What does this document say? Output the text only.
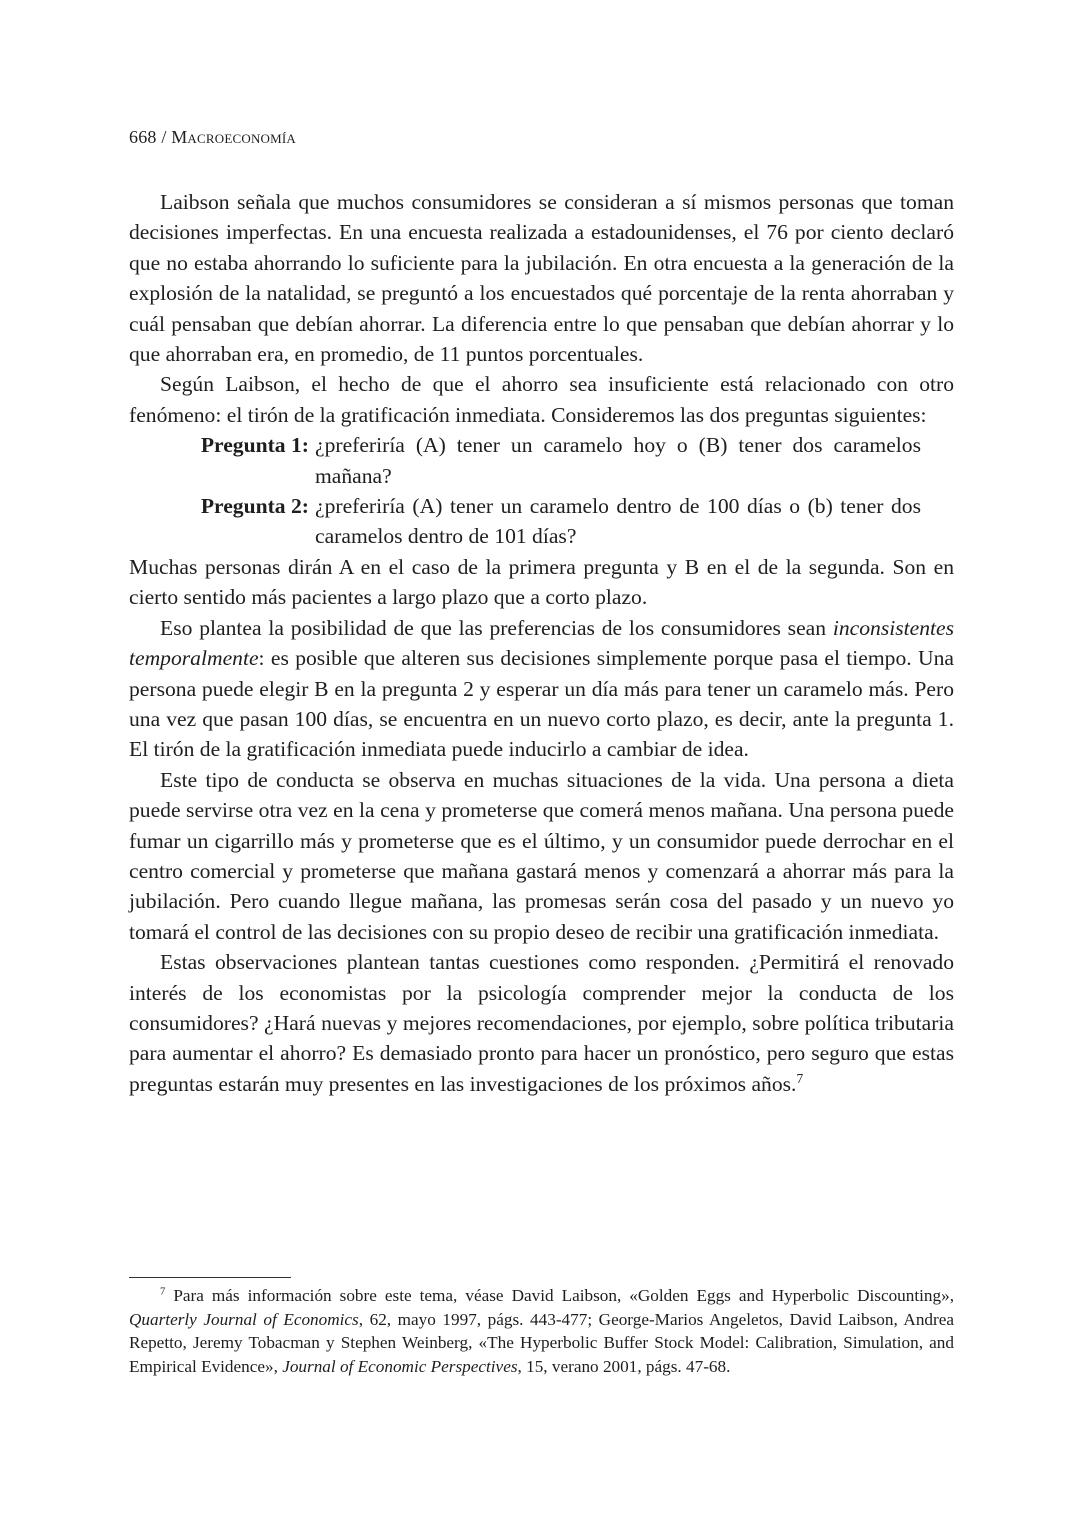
668 / Macroeconomía

Laibson señala que muchos consumidores se consideran a sí mismos personas que toman decisiones imperfectas. En una encuesta realizada a estadounidenses, el 76 por ciento declaró que no estaba ahorrando lo suficiente para la jubilación. En otra encuesta a la generación de la explosión de la natalidad, se preguntó a los encuestados qué porcentaje de la renta ahorraban y cuál pensaban que debían ahorrar. La diferencia entre lo que pensaban que debían ahorrar y lo que ahorraban era, en promedio, de 11 puntos porcentuales.

Según Laibson, el hecho de que el ahorro sea insuficiente está relacionado con otro fenómeno: el tirón de la gratificación inmediata. Consideremos las dos preguntas siguientes:

Pregunta 1: ¿preferiría (A) tener un caramelo hoy o (B) tener dos caramelos mañana?
Pregunta 2: ¿preferiría (A) tener un caramelo dentro de 100 días o (b) tener dos caramelos dentro de 101 días?

Muchas personas dirán A en el caso de la primera pregunta y B en el de la segunda. Son en cierto sentido más pacientes a largo plazo que a corto plazo.

Eso plantea la posibilidad de que las preferencias de los consumidores sean inconsistentes temporalmente: es posible que alteren sus decisiones simplemente porque pasa el tiempo. Una persona puede elegir B en la pregunta 2 y esperar un día más para tener un caramelo más. Pero una vez que pasan 100 días, se encuentra en un nuevo corto plazo, es decir, ante la pregunta 1. El tirón de la gratificación inmediata puede inducirlo a cambiar de idea.

Este tipo de conducta se observa en muchas situaciones de la vida. Una persona a dieta puede servirse otra vez en la cena y prometerse que comerá menos mañana. Una persona puede fumar un cigarrillo más y prometerse que es el último, y un consumidor puede derrochar en el centro comercial y prometerse que mañana gastará menos y comenzará a ahorrar más para la jubilación. Pero cuando llegue mañana, las promesas serán cosa del pasado y un nuevo yo tomará el control de las decisiones con su propio deseo de recibir una gratificación inmediata.

Estas observaciones plantean tantas cuestiones como responden. ¿Permitirá el renovado interés de los economistas por la psicología comprender mejor la conducta de los consumidores? ¿Hará nuevas y mejores recomendaciones, por ejemplo, sobre política tributaria para aumentar el ahorro? Es demasiado pronto para hacer un pronóstico, pero seguro que estas preguntas estarán muy presentes en las investigaciones de los próximos años.$^7$

$^7$ Para más información sobre este tema, véase David Laibson, «Golden Eggs and Hyperbolic Discounting», Quarterly Journal of Economics, 62, mayo 1997, págs. 443-477; George-Marios Angeletos, David Laibson, Andrea Repetto, Jeremy Tobacman y Stephen Weinberg, «The Hyperbolic Buffer Stock Model: Calibration, Simulation, and Empirical Evidence», Journal of Economic Perspectives, 15, verano 2001, págs. 47-68.
